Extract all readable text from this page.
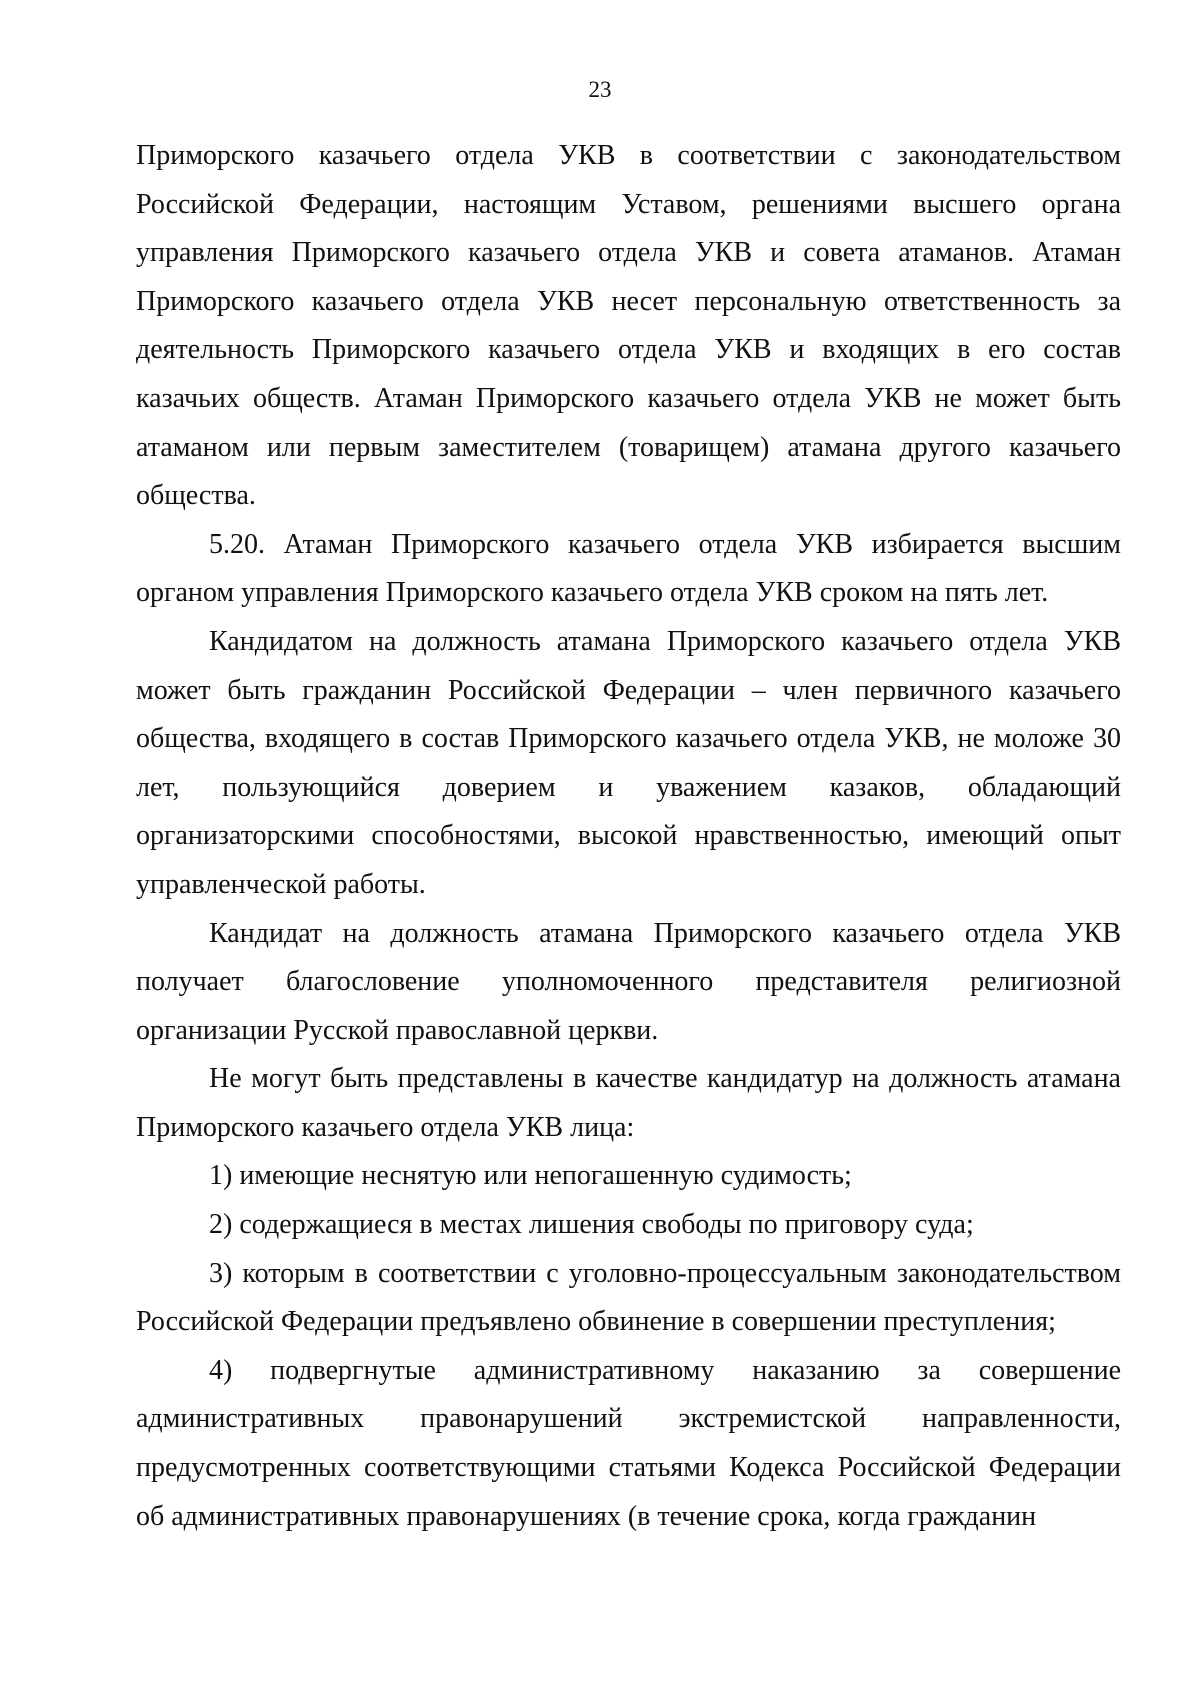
23

Приморского казачьего отдела УКВ в соответствии с законодательством Российской Федерации, настоящим Уставом, решениями высшего органа управления Приморского казачьего отдела УКВ и совета атаманов. Атаман Приморского казачьего отдела УКВ несет персональную ответственность за деятельность Приморского казачьего отдела УКВ и входящих в его состав казачьих обществ. Атаман Приморского казачьего отдела УКВ не может быть атаманом или первым заместителем (товарищем) атамана другого казачьего общества.

5.20. Атаман Приморского казачьего отдела УКВ избирается высшим органом управления Приморского казачьего отдела УКВ сроком на пять лет.

Кандидатом на должность атамана Приморского казачьего отдела УКВ может быть гражданин Российской Федерации – член первичного казачьего общества, входящего в состав Приморского казачьего отдела УКВ, не моложе 30 лет, пользующийся доверием и уважением казаков, обладающий организаторскими способностями, высокой нравственностью, имеющий опыт управленческой работы.

Кандидат на должность атамана Приморского казачьего отдела УКВ получает благословение уполномоченного представителя религиозной организации Русской православной церкви.

Не могут быть представлены в качестве кандидатур на должность атамана Приморского казачьего отдела УКВ лица:

1) имеющие неснятую или непогашенную судимость;

2) содержащиеся в местах лишения свободы по приговору суда;

3) которым в соответствии с уголовно-процессуальным законодательством Российской Федерации предъявлено обвинение в совершении преступления;

4) подвергнутые административному наказанию за совершение административных правонарушений экстремистской направленности, предусмотренных соответствующими статьями Кодекса Российской Федерации об административных правонарушениях (в течение срока, когда гражданин
